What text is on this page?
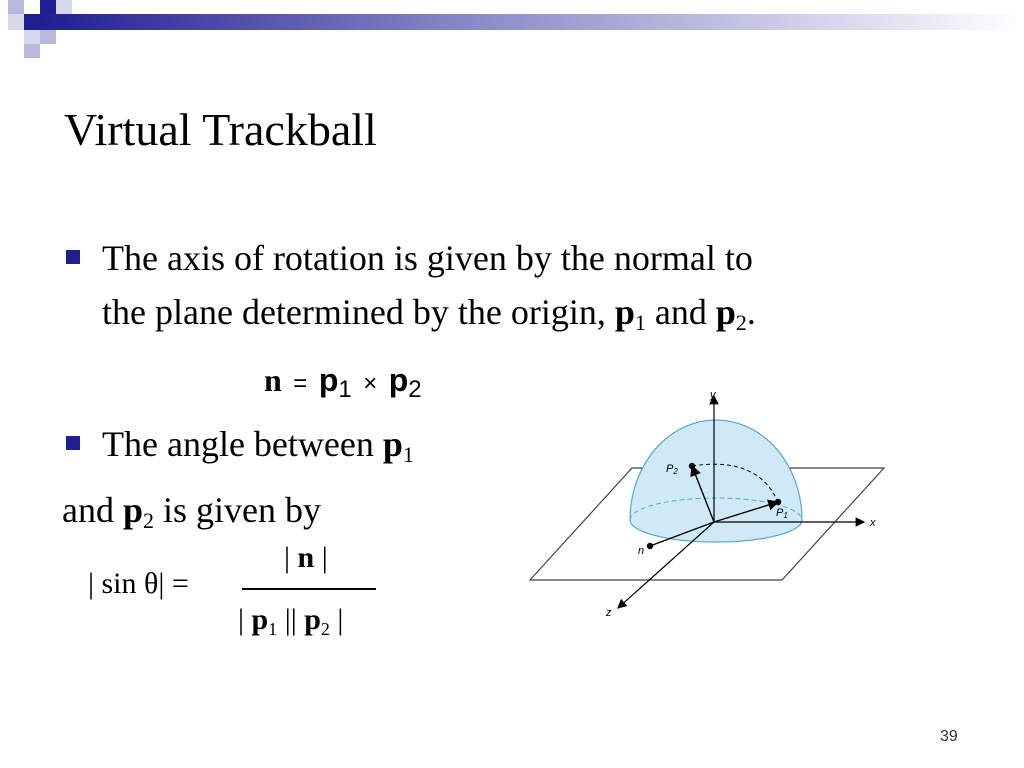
Virtual Trackball
The axis of rotation is given by the normal to
the plane determined by the origin, $p_1$ and $p_2$.
$n = p_1 \times p_2$
The angle between $p_1$
and $p_2$ is given by
| sin θ| =
| n |
| $p_1$ || $p_2$ |
y
x
z
n
P2
P1
39
